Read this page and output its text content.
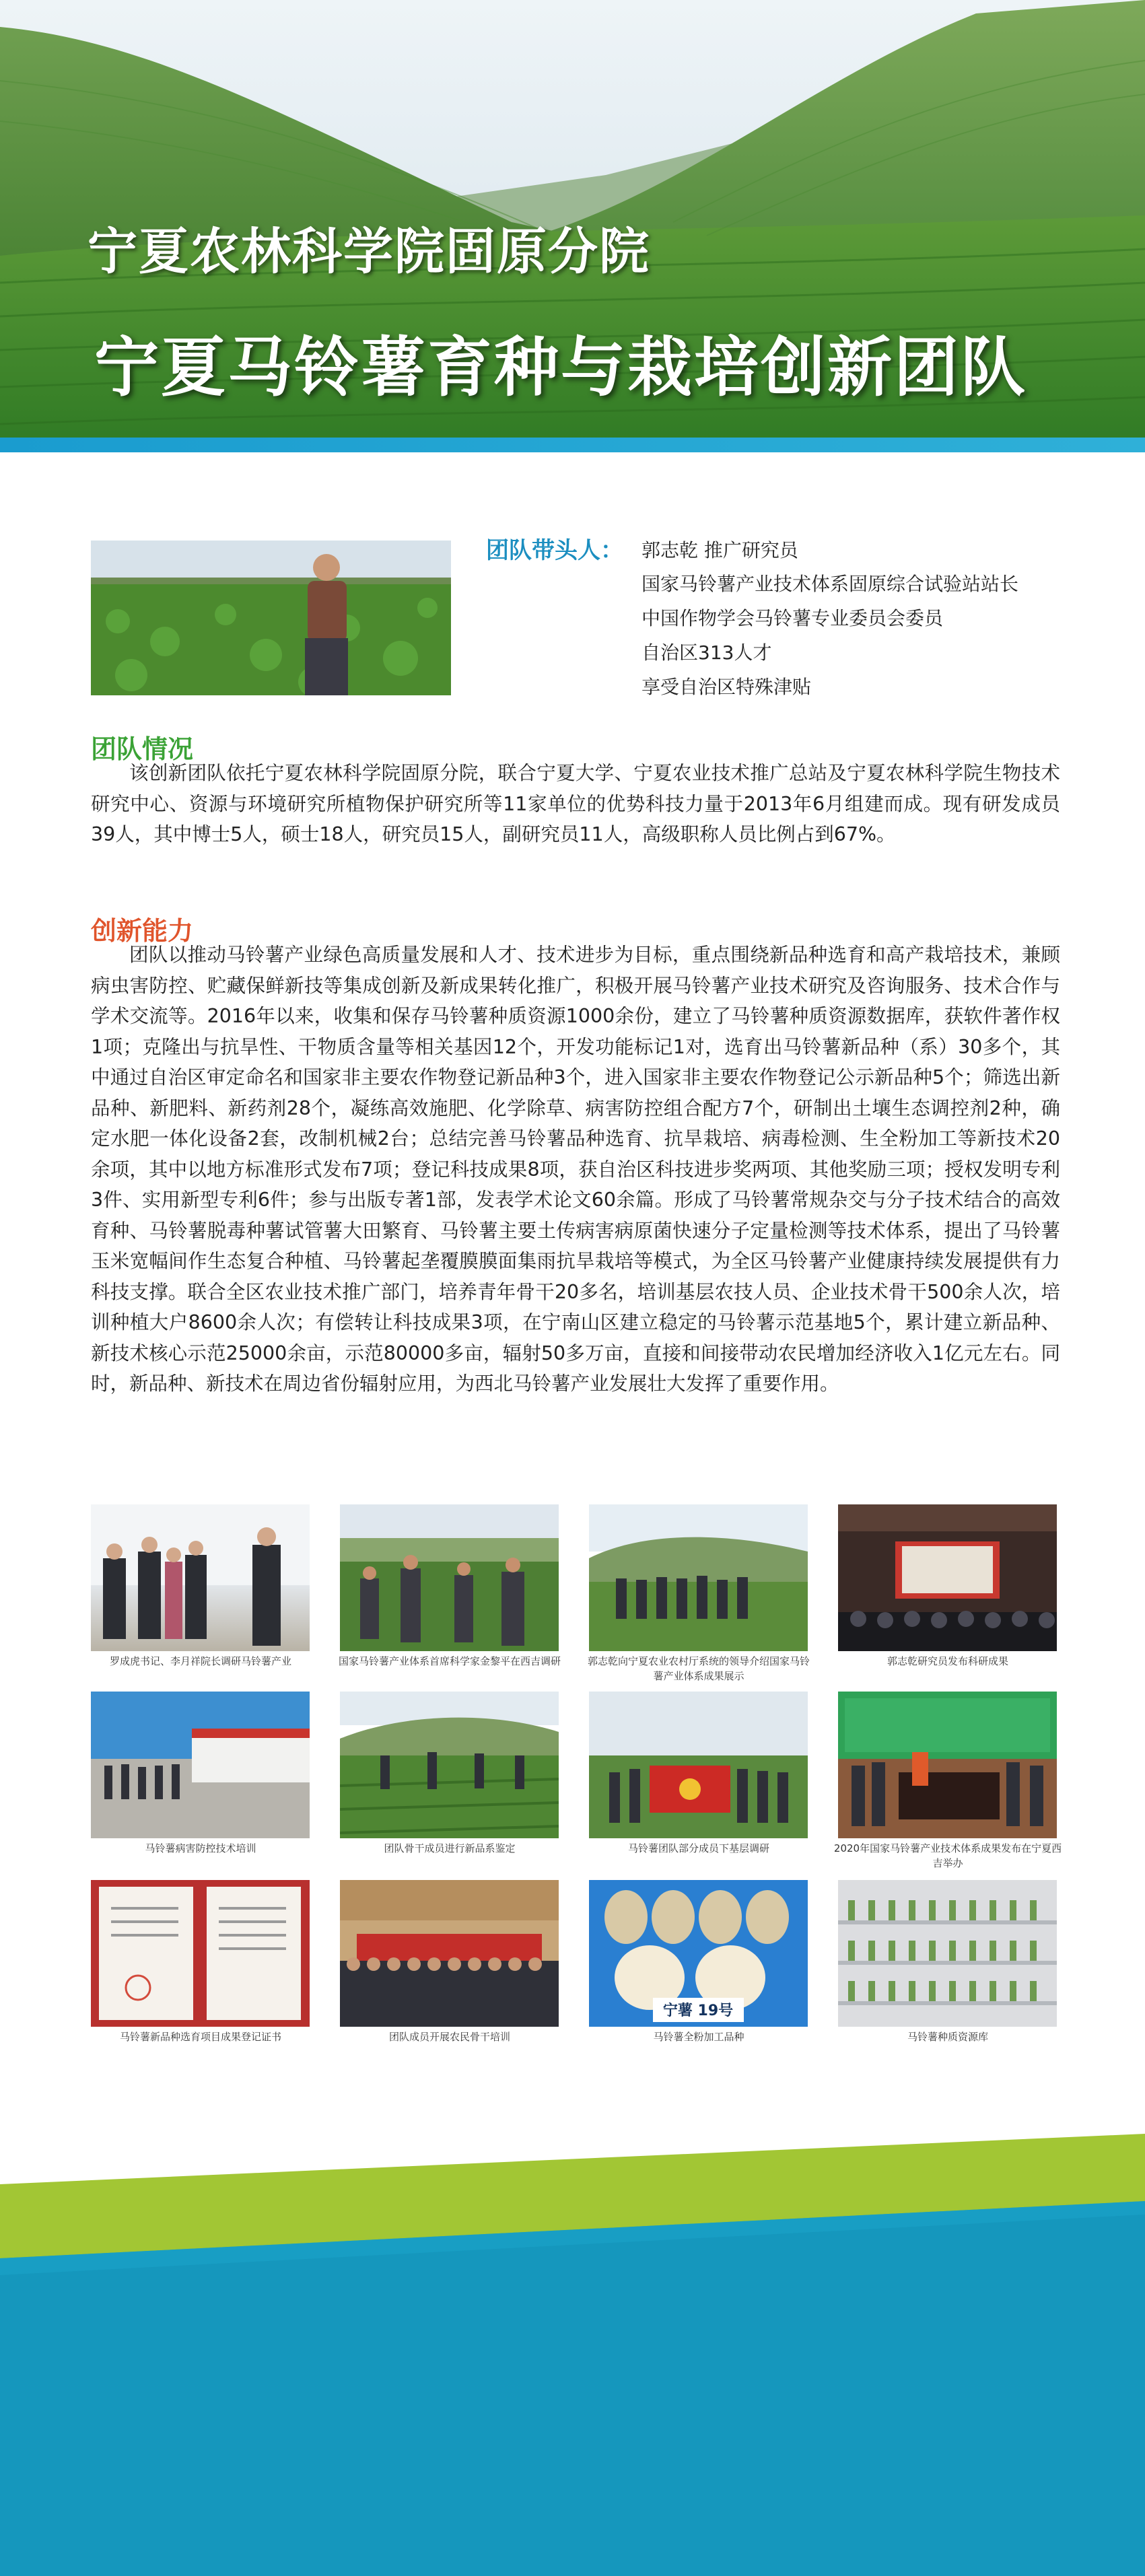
宁夏农林科学院固原分院
宁夏马铃薯育种与栽培创新团队
团队带头人： 郭志乾 推广研究员
国家马铃薯产业技术体系固原综合试验站站长
中国作物学会马铃薯专业委员会委员
自治区313人才
享受自治区特殊津贴
团队情况

该创新团队依托宁夏农林科学院固原分院，联合宁夏大学、宁夏农业技术推广总站及宁夏农林科学院生物技术研究中心、资源与环境研究所植物保护研究所等11家单位的优势科技力量于2013年6月组建而成。现有研发成员39人，其中博士5人，硕士18人，研究员15人，副研究员11人，高级职称人员比例占到67%。

创新能力

团队以推动马铃薯产业绿色高质量发展和人才、技术进步为目标，重点围绕新品种选育和高产栽培技术，兼顾病虫害防控、贮藏保鲜新技等集成创新及新成果转化推广，积极开展马铃薯产业技术研究及咨询服务、技术合作与学术交流等。2016年以来，收集和保存马铃薯种质资源1000余份，建立了马铃薯种质资源数据库，获软件著作权1项；克隆出与抗旱性、干物质含量等相关基因12个，开发功能标记1对，选育出马铃薯新品种（系）30多个，其中通过自治区审定命名和国家非主要农作物登记新品种3个，进入国家非主要农作物登记公示新品种5个；筛选出新品种、新肥料、新药剂28个，凝练高效施肥、化学除草、病害防控组合配方7个，研制出土壤生态调控剂2种，确定水肥一体化设备2套，改制机械2台；总结完善马铃薯品种选育、抗旱栽培、病毒检测、生全粉加工等新技术20余项，其中以地方标准形式发布7项；登记科技成果8项，获自治区科技进步奖两项、其他奖励三项；授权发明专利3件、实用新型专利6件；参与出版专著1部，发表学术论文60余篇。形成了马铃薯常规杂交与分子技术结合的高效育种、马铃薯脱毒种薯试管薯大田繁育、马铃薯主要土传病害病原菌快速分子定量检测等技术体系，提出了马铃薯玉米宽幅间作生态复合种植、马铃薯起垄覆膜膜面集雨抗旱栽培等模式，为全区马铃薯产业健康持续发展提供有力科技支撑。联合全区农业技术推广部门，培养青年骨干20多名，培训基层农技人员、企业技术骨干500余人次，培训种植大户8600余人次；有偿转让科技成果3项，在宁南山区建立稳定的马铃薯示范基地5个，累计建立新品种、新技术核心示范25000余亩，示范80000多亩，辐射50多万亩，直接和间接带动农民增加经济收入1亿元左右。同时，新品种、新技术在周边省份辐射应用，为西北马铃薯产业发展壮大发挥了重要作用。

罗成虎书记、李月祥院长调研马铃薯产业	国家马铃薯产业体系首席科学家金黎平在西吉调研	郭志乾向宁夏农业农村厅系统的领导介绍国家马铃薯产业体系成果展示
郭志乾研究员发布科研成果
马铃薯病害防控技术培训	团队骨干成员进行新品系鉴定	马铃薯团队部分成员下基层调研	2020年国家马铃薯产业技术体系成果发布在宁夏西吉举办
宁薯 19号
马铃薯新品种选育项目成果登记证书	团队成员开展农民骨干培训	马铃薯全粉加工品种	马铃薯种质资源库
